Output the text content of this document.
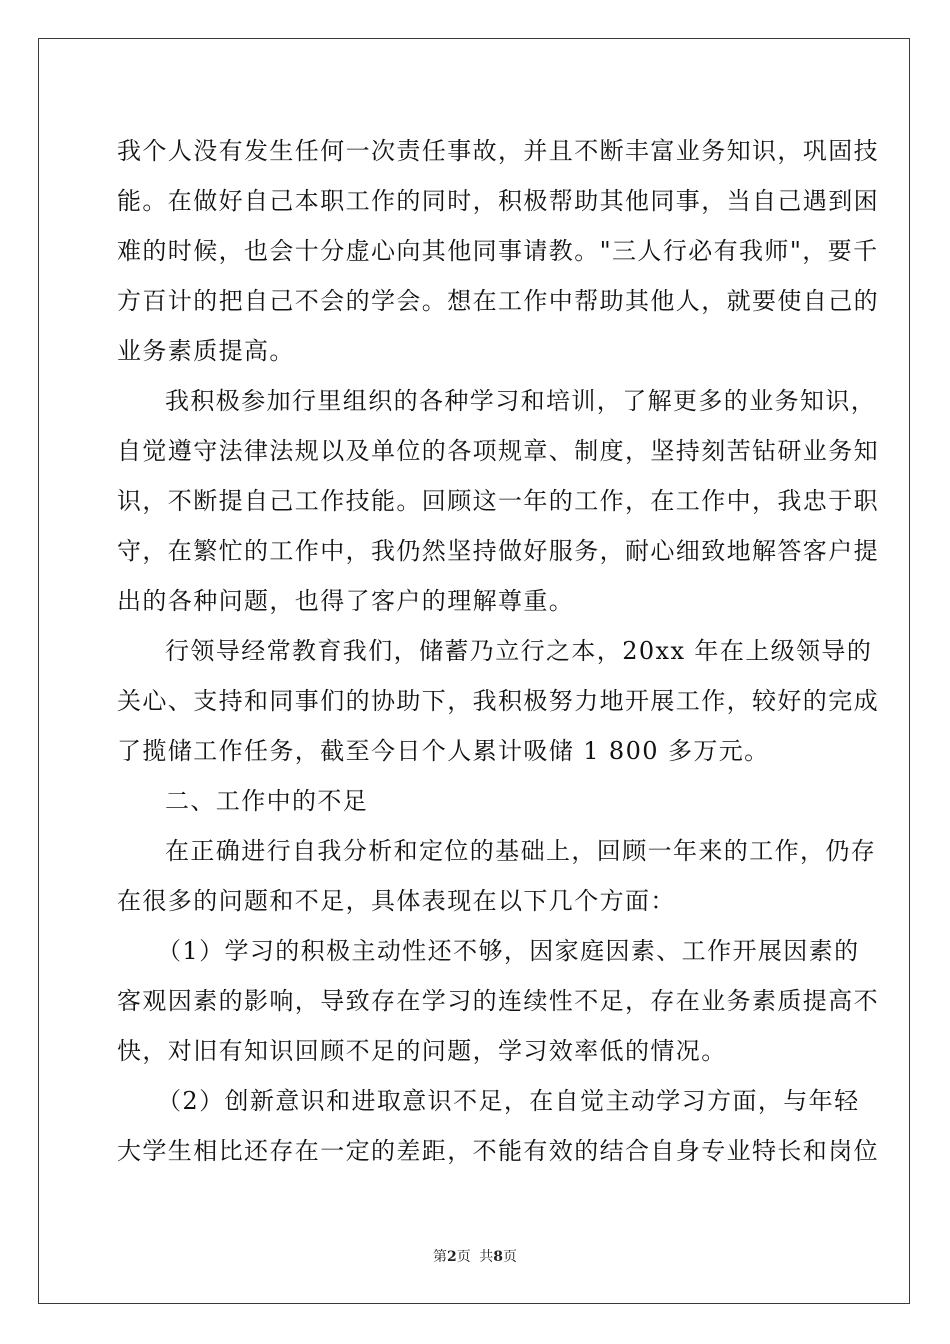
我个人没有发生任何一次责任事故，并且不断丰富业务知识，巩固技
能。在做好自己本职工作的同时，积极帮助其他同事，当自己遇到困
难的时候，也会十分虚心向其他同事请教。"三人行必有我师"，要千
方百计的把自己不会的学会。想在工作中帮助其他人，就要使自己的
业务素质提高。
我积极参加行里组织的各种学习和培训，了解更多的业务知识，
自觉遵守法律法规以及单位的各项规章、制度，坚持刻苦钻研业务知
识，不断提自己工作技能。回顾这一年的工作，在工作中，我忠于职
守，在繁忙的工作中，我仍然坚持做好服务，耐心细致地解答客户提
出的各种问题，也得了客户的理解尊重。
行领导经常教育我们，储蓄乃立行之本，20xx 年在上级领导的
关心、支持和同事们的协助下，我积极努力地开展工作，较好的完成
了揽储工作任务，截至今日个人累计吸储 1 800 多万元。
二、工作中的不足
在正确进行自我分析和定位的基础上，回顾一年来的工作，仍存
在很多的问题和不足，具体表现在以下几个方面：
（1）学习的积极主动性还不够，因家庭因素、工作开展因素的
客观因素的影响，导致存在学习的连续性不足，存在业务素质提高不
快，对旧有知识回顾不足的问题，学习效率低的情况。
（2）创新意识和进取意识不足，在自觉主动学习方面，与年轻
大学生相比还存在一定的差距，不能有效的结合自身专业特长和岗位
第2页 共8页
